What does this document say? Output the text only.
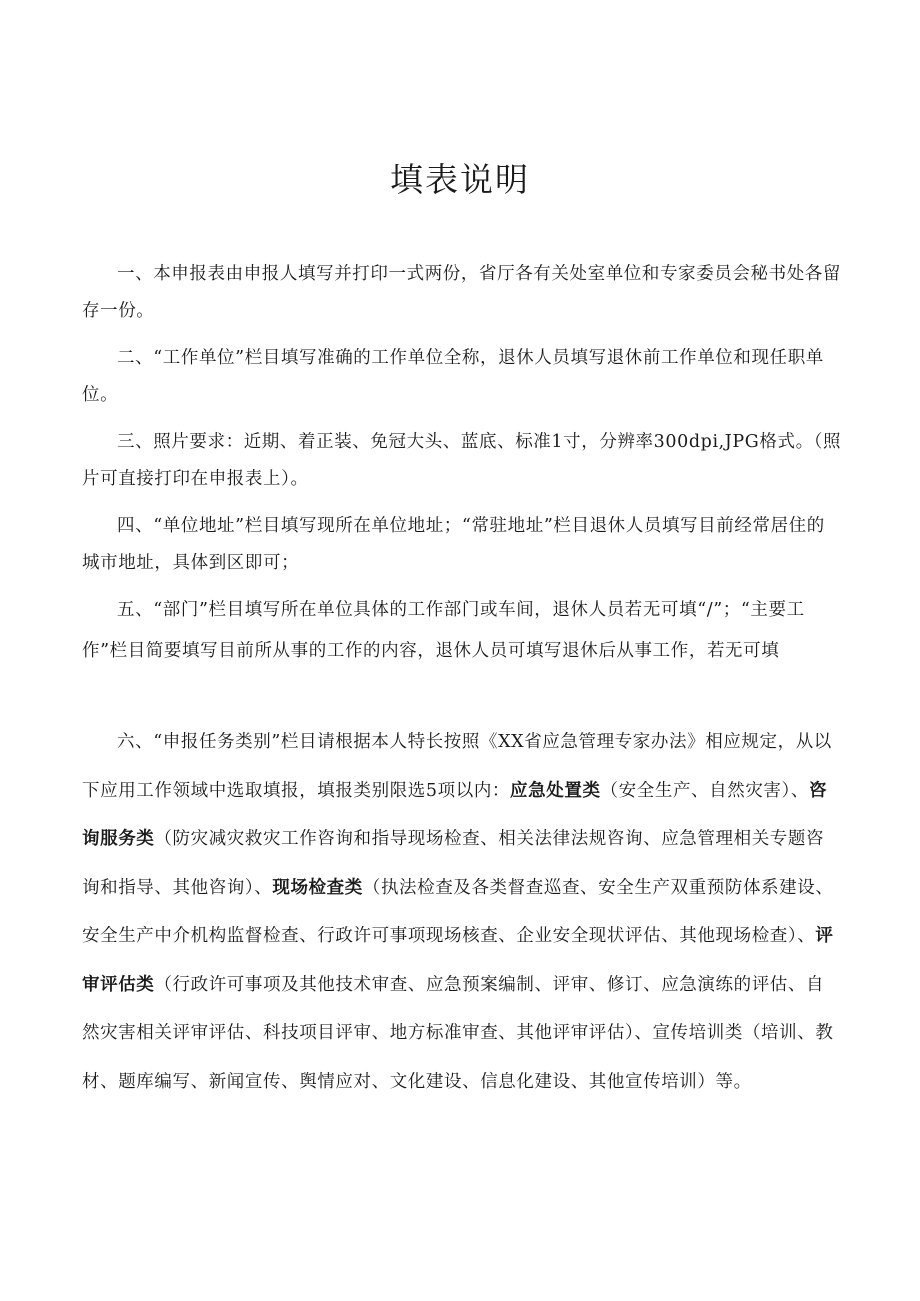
填表说明

一、本申报表由申报人填写并打印一式两份，省厅各有关处室单位和专家委员会秘书处各留存一份。

二、“工作单位”栏目填写准确的工作单位全称，退休人员填写退休前工作单位和现任职单位。

三、照片要求：近期、着正装、免冠大头、蓝底、标准1寸，分辨率300dpi,JPG格式。（照片可直接打印在申报表上）。

四、“单位地址”栏目填写现所在单位地址；“常驻地址”栏目退休人员填写目前经常居住的城市地址，具体到区即可；

五、“部门”栏目填写所在单位具体的工作部门或车间，退休人员若无可填“/”；“主要工作”栏目简要填写目前所从事的工作的内容，退休人员可填写退休后从事工作，若无可填

六、“申报任务类别”栏目请根据本人特长按照《XX省应急管理专家办法》相应规定，从以下应用工作领域中选取填报，填报类别限选5项以内：应急处置类（安全生产、自然灾害）、咨询服务类（防灾减灾救灾工作咨询和指导现场检查、相关法律法规咨询、应急管理相关专题咨询和指导、其他咨询）、现场检查类（执法检查及各类督查巡查、安全生产双重预防体系建设、安全生产中介机构监督检查、行政许可事项现场核查、企业安全现状评估、其他现场检查）、评审评估类（行政许可事项及其他技术审查、应急预案编制、评审、修订、应急演练的评估、自然灾害相关评审评估、科技项目评审、地方标准审查、其他评审评估）、宣传培训类（培训、教材、题库编写、新闻宣传、舆情应对、文化建设、信息化建设、其他宣传培训）等。
